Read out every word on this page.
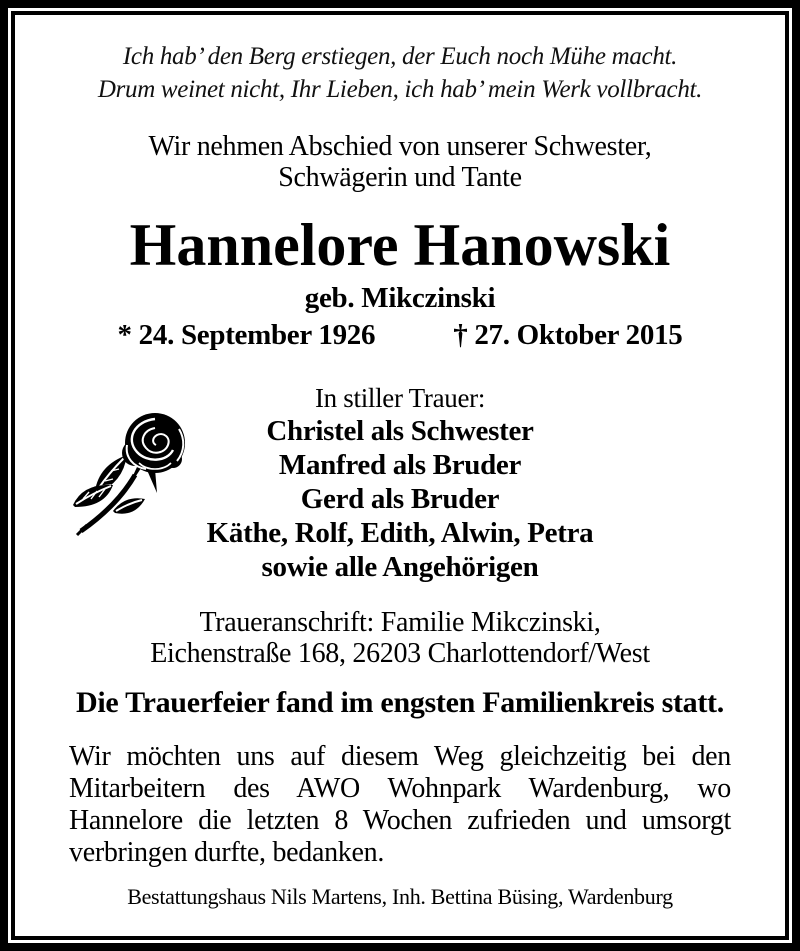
Ich hab’ den Berg erstiegen, der Euch noch Mühe macht.
Drum weinet nicht, Ihr Lieben, ich hab’ mein Werk vollbracht.
Wir nehmen Abschied von unserer Schwester,
Schwägerin und Tante
Hannelore Hanowski
geb. Mikczinski
* 24. September 1926	† 27. Oktober 2015
In stiller Trauer:
Christel als Schwester
Manfred als Bruder
Gerd als Bruder
Käthe, Rolf, Edith, Alwin, Petra
sowie alle Angehörigen
Traueranschrift: Familie Mikczinski,
Eichenstraße 168, 26203 Charlottendorf/West
Die Trauerfeier fand im engsten Familienkreis statt.
Wir möchten uns auf diesem Weg gleichzeitig bei den Mitarbeitern des AWO Wohnpark Wardenburg, wo Hannelore die letzten 8 Wochen zufrieden und umsorgt verbringen durfte, bedanken.
Bestattungshaus Nils Martens, Inh. Bettina Büsing, Wardenburg
